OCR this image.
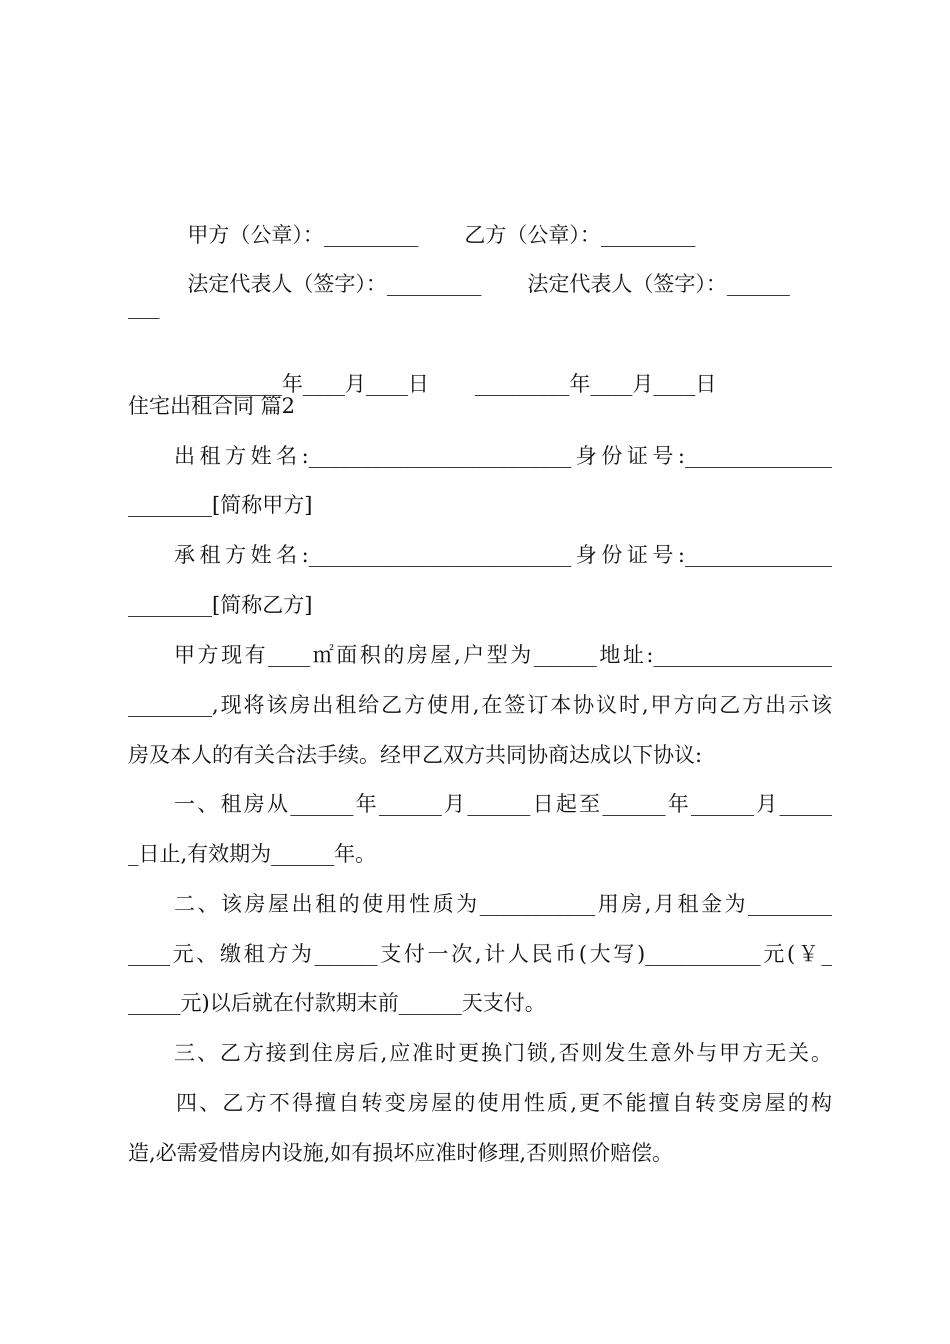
甲方（公章）：_________ 乙方（公章）：_________

法定代表人（签字）：_________ 法定代表人（签字）：______

___

_________年____月____日 _________年____月____日

住宅出租合同 篇2
出租方姓名:_________________________身份证号:______________
________[简称甲方]
承租方姓名:_________________________身份证号:______________
________[简称乙方]
甲方现有____㎡面积的房屋,户型为______地址:_________________
________,现将该房出租给乙方使用,在签订本协议时,甲方向乙方出示该
房及本人的有关合法手续。经甲乙双方共同协商达成以下协议:
一、租房从______年______月______日起至______年______月_____
_日止,有效期为______年。
二、该房屋出租的使用性质为___________用房,月租金为________
____元、缴租方为______支付一次,计人民币(大写)___________元(￥_
_____元)以后就在付款期末前______天支付。
三、乙方接到住房后,应准时更换门锁,否则发生意外与甲方无关。
四、乙方不得擅自转变房屋的使用性质,更不能擅自转变房屋的构
造,必需爱惜房内设施,如有损坏应准时修理,否则照价赔偿。
